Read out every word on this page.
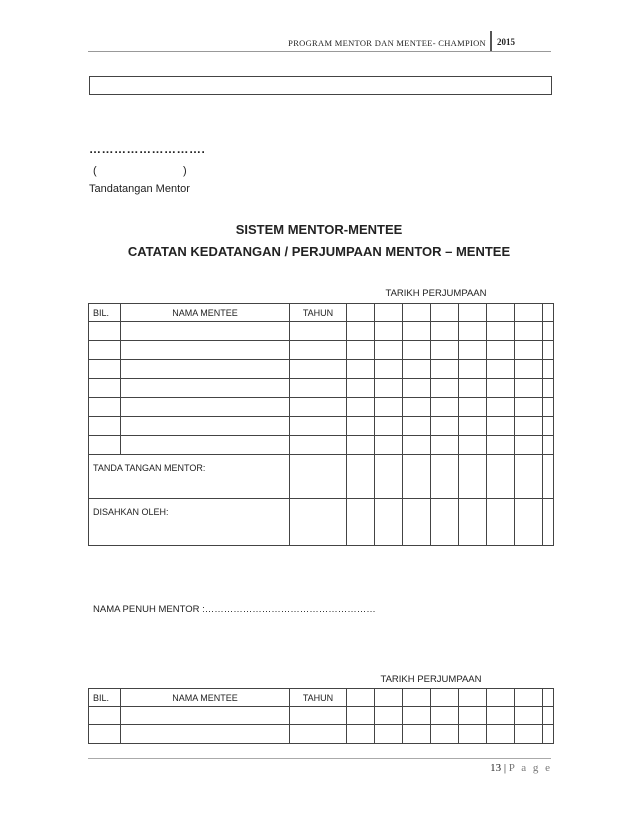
PROGRAM MENTOR DAN MENTEE- CHAMPION 2015
……………………….
(	)
Tandatangan Mentor
SISTEM MENTOR-MENTEE
CATATAN KEDATANGAN / PERJUMPAAN MENTOR – MENTEE
TARIKH PERJUMPAAN
BIL.	NAMA MENTEE	TAHUN								

TANDA TANGAN MENTOR:										
DISAHKAN OLEH:										
NAMA PENUH MENTOR :………………………………………………
TARIKH PERJUMPAAN
BIL.	NAMA MENTEE	TAHUN								

13 | P a g e
